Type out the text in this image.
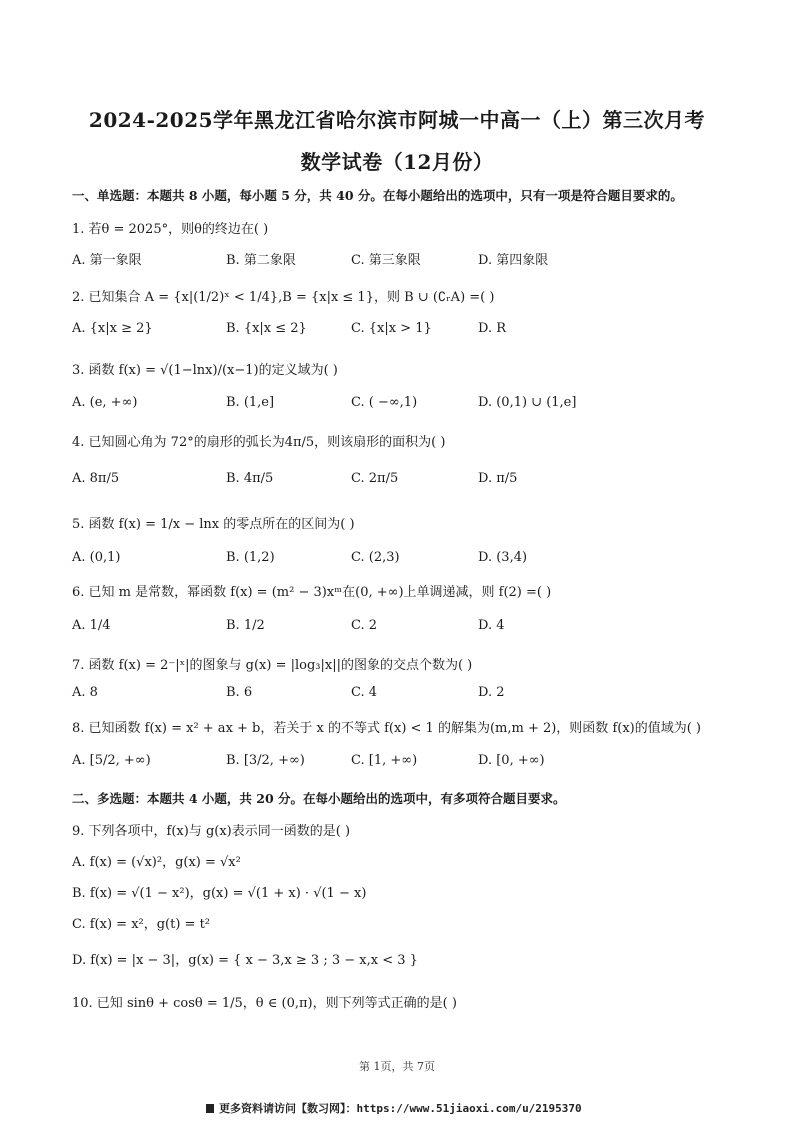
2024-2025学年黑龙江省哈尔滨市阿城一中高一（上）第三次月考
数学试卷（12月份）
一、单选题：本题共 8 小题，每小题 5 分，共 40 分。在每小题给出的选项中，只有一项是符合题目要求的。
1. 若θ = 2025°，则θ的终边在( )
A. 第一象限	B. 第二象限	C. 第三象限	D. 第四象限
2. 已知集合 A = {x|(1/2)ˣ < 1/4},B = {x|x ≤ 1}，则 B ∪ (∁ᵣA) =( )
A. {x|x ≥ 2}	B. {x|x ≤ 2}	C. {x|x > 1}	D. R
3. 函数 f(x) = √(1−lnx)/(x−1)的定义域为( )
A. (e, +∞)	B. (1,e]	C. ( −∞,1)	D. (0,1) ∪ (1,e]
4. 已知圆心角为 72°的扇形的弧长为4π/5，则该扇形的面积为( )
A. 8π/5	B. 4π/5	C. 2π/5	D. π/5
5. 函数 f(x) = 1/x − lnx 的零点所在的区间为( )
A. (0,1)	B. (1,2)	C. (2,3)	D. (3,4)
6. 已知 m 是常数，幂函数 f(x) = (m² − 3)xᵐ在(0, +∞)上单调递减，则 f(2) =( )
A. 1/4	B. 1/2	C. 2	D. 4
7. 函数 f(x) = 2⁻|ˣ|的图象与 g(x) = |log₃|x||的图象的交点个数为( )
A. 8	B. 6	C. 4	D. 2
8. 已知函数 f(x) = x² + ax + b，若关于 x 的不等式 f(x) < 1 的解集为(m,m + 2)，则函数 f(x)的值域为( )
A. [5/2, +∞)	B. [3/2, +∞)	C. [1, +∞)	D. [0, +∞)
二、多选题：本题共 4 小题，共 20 分。在每小题给出的选项中，有多项符合题目要求。
9. 下列各项中，f(x)与 g(x)表示同一函数的是( )
A. f(x) = (√x)²，g(x) = √x²
B. f(x) = √(1 − x²)，g(x) = √(1 + x) · √(1 − x)
C. f(x) = x²，g(t) = t²
D. f(x) = |x − 3|，g(x) = { x − 3,x ≥ 3 ; 3 − x,x < 3 }
10. 已知 sinθ + cosθ = 1/5，θ ∈ (0,π)，则下列等式正确的是( )
第 1页，共 7页
更多资料请访问【数习网】：https://www.51jiaoxi.com/u/2195370
